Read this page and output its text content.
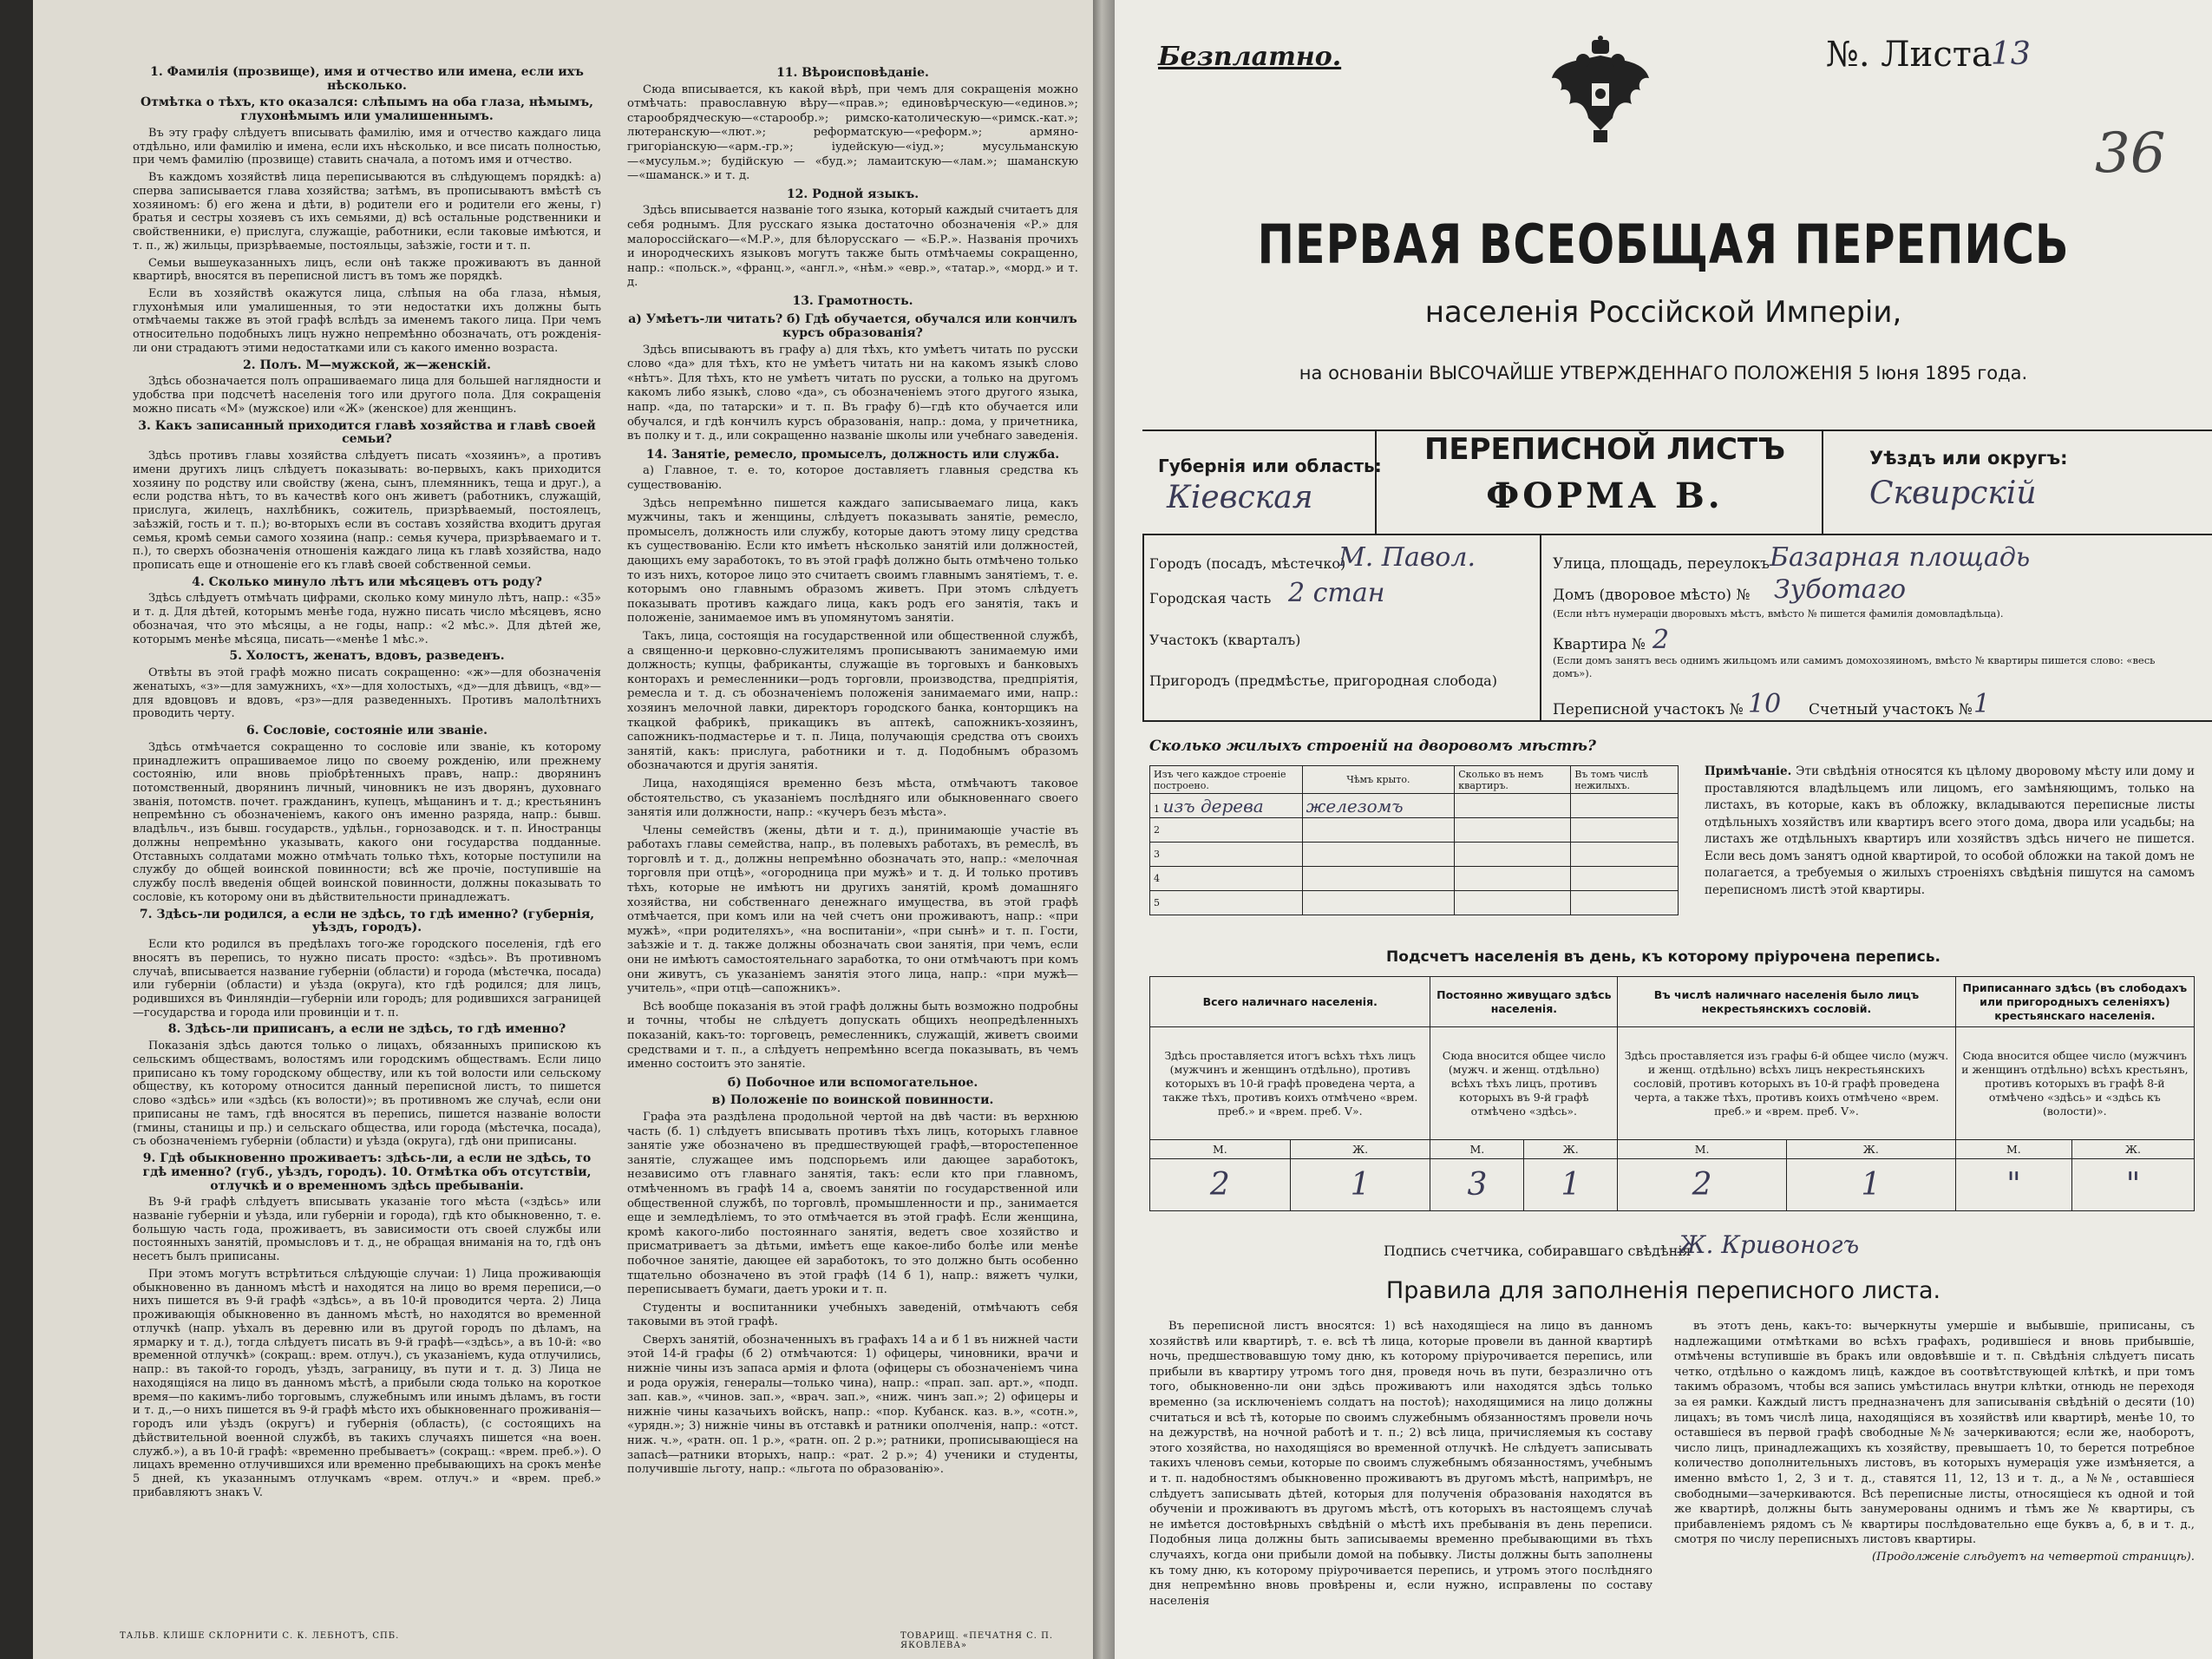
1. Фамилія (прозвище), имя и отчество или имена, если ихъ нѣсколько.
Отмѣтка о тѣхъ, кто оказался: слѣпымъ на оба глаза, нѣмымъ, глухонѣмымъ или умалишеннымъ.

Въ эту графу слѣдуетъ вписывать фамилію, имя и отчество каждаго лица отдѣльно, или фамилію и имена, если ихъ нѣсколько, и все писать полностью, при чемъ фамилію (прозвище) ставить сначала, а потомъ имя и отчество.

Въ каждомъ хозяйствѣ лица переписываются въ слѣдующемъ порядкѣ: а) сперва записывается глава хозяйства; затѣмъ, въ прописываютъ вмѣстѣ съ хозяиномъ: б) его жена и дѣти, в) родители его и родители его жены, г) братья и сестры хозяевъ съ ихъ семьями, д) всѣ остальные родственники и свойственники, е) прислуга, служащіе, работники, если таковые имѣются, и т. п., ж) жильцы, призрѣваемые, постояльцы, заѣзжіе, гости и т. п.

Семьи вышеуказанныхъ лицъ, если онѣ также проживаютъ въ данной квартирѣ, вносятся въ переписной листъ въ томъ же порядкѣ.

Если въ хозяйствѣ окажутся лица, слѣпыя на оба глаза, нѣмыя, глухонѣмыя или умалишенныя, то эти недостатки ихъ должны быть отмѣчаемы также въ этой графѣ вслѣдъ за именемъ такого лица. При чемъ относительно подобныхъ лицъ нужно непремѣнно обозначать, отъ рожденія-ли они страдаютъ этими недостатками или съ какого именно возраста.

2. Полъ. М—мужской, ж—женскій.

Здѣсь обозначается полъ опрашиваемаго лица для большей наглядности и удобства при подсчетѣ населенія того или другого пола. Для сокращенія можно писать «М» (мужское) или «Ж» (женское) для женщинъ.

3. Какъ записанный приходится главѣ хозяйства и главѣ своей семьи?

Здѣсь противъ главы хозяйства слѣдуетъ писать «хозяинъ», а противъ имени другихъ лицъ слѣдуетъ показывать: во-первыхъ, какъ приходится хозяину по родству или свойству (жена, сынъ, племянникъ, теща и друг.), а если родства нѣтъ, то въ качествѣ кого онъ живетъ (работникъ, служащій, прислуга, жилецъ, нахлѣбникъ, сожитель, призрѣваемый, постоялецъ, заѣзжій, гость и т. п.); во-вторыхъ если въ составъ хозяйства входитъ другая семья, кромѣ семьи самого хозяина (напр.: семья кучера, призрѣваемаго и т. п.), то сверхъ обозначенія отношенія каждаго лица къ главѣ хозяйства, надо прописать еще и отношеніе его къ главѣ своей собственной семьи.

4. Сколько минуло лѣтъ или мѣсяцевъ отъ роду?

Здѣсь слѣдуетъ отмѣчать цифрами, сколько кому минуло лѣтъ, напр.: «35» и т. д. Для дѣтей, которымъ менѣе года, нужно писать число мѣсяцевъ, ясно обозначая, что это мѣсяцы, а не годы, напр.: «2 мѣс.». Для дѣтей же, которымъ менѣе мѣсяца, писать—«менѣе 1 мѣс.».

5. Холостъ, женатъ, вдовъ, разведенъ.

Отвѣты въ этой графѣ можно писать сокращенно: «ж»—для обозначенія женатыхъ, «з»—для замужнихъ, «х»—для холостыхъ, «д»—для дѣвицъ, «вд»—для вдовцовъ и вдовъ, «рз»—для разведенныхъ. Противъ малолѣтнихъ проводить черту.

6. Сословіе, состояніе или званіе.

Здѣсь отмѣчается сокращенно то сословіе или званіе, къ которому принадлежитъ опрашиваемое лицо по своему рожденію, или прежнему состоянію, или вновь пріобрѣтенныхъ правъ, напр.: дворянинъ потомственный, дворянинъ личный, чиновникъ не изъ дворянъ, духовнаго званія, потомств. почет. гражданинъ, купецъ, мѣщанинъ и т. д.; крестьянинъ непремѣнно съ обозначеніемъ, какого онъ именно разряда, напр.: бывш. владѣльч., изъ бывш. государств., удѣльн., горнозаводск. и т. п. Иностранцы должны непремѣнно указывать, какого они государства подданные. Отставныхъ солдатами можно отмѣчать только тѣхъ, которые поступили на службу до общей воинской повинности; всѣ же прочіе, поступившіе на службу послѣ введенія общей воинской повинности, должны показывать то сословіе, къ которому они въ дѣйствительности принадлежатъ.

7. Здѣсь-ли родился, а если не здѣсь, то гдѣ именно? (губернія, уѣздъ, городъ).

Если кто родился въ предѣлахъ того-же городского поселенія, гдѣ его вносятъ въ перепись, то нужно писать просто: «здѣсь». Въ противномъ случаѣ, вписывается название губерніи (области) и города (мѣстечка, посада) или губерніи (области) и уѣзда (округа), кто гдѣ родился; для лицъ, родившихся въ Финляндіи—губерніи или городъ; для родившихся заграницей—государства и города или провинціи и т. п.

8. Здѣсь-ли приписанъ, а если не здѣсь, то гдѣ именно?

Показанія здѣсь даются только о лицахъ, обязанныхъ припискою къ сельскимъ обществамъ, волостямъ или городскимъ обществамъ. Если лицо приписано къ тому городскому обществу, или къ той волости или сельскому обществу, къ которому относится данный переписной листъ, то пишется слово «здѣсь» или «здѣсь (къ волости)»; въ противномъ же случаѣ, если они приписаны не тамъ, гдѣ вносятся въ перепись, пишется названіе волости (гмины, станицы и пр.) и сельскаго общества, или города (мѣстечка, посада), съ обозначеніемъ губерніи (области) и уѣзда (округа), гдѣ они приписаны.

9. Гдѣ обыкновенно проживаетъ: здѣсь-ли, а если не здѣсь, то гдѣ именно? (губ., уѣздъ, городъ). 10. Отмѣтка объ отсутствіи, отлучкѣ и о временномъ здѣсь пребываніи.

Въ 9-й графѣ слѣдуетъ вписывать указаніе того мѣста («здѣсь» или названіе губерніи и уѣзда, или губерніи и города), гдѣ кто обыкновенно, т. е. большую часть года, проживаетъ, въ зависимости отъ своей службы или постоянныхъ занятій, промысловъ и т. д., не обращая вниманія на то, гдѣ онъ несетъ былъ приписаны.

При этомъ могутъ встрѣтиться слѣдующіе случаи: 1) Лица проживающія обыкновенно въ данномъ мѣстѣ и находятся на лицо во время переписи,—о нихъ пишется въ 9-й графѣ «здѣсь», а въ 10-й проводится черта. 2) Лица проживающія обыкновенно въ данномъ мѣстѣ, но находятся во временной отлучкѣ (напр. уѣхалъ въ деревню или въ другой городъ по дѣламъ, на ярмарку и т. д.), тогда слѣдуетъ писать въ 9-й графѣ—«здѣсь», а въ 10-й: «во временной отлучкѣ» (сокращ.: врем. отлуч.), съ указаніемъ, куда отлучились, напр.: въ такой-то городъ, уѣздъ, заграницу, въ пути и т. д. 3) Лица не находящіяся на лицо въ данномъ мѣстѣ, а прибыли сюда только на короткое время—по какимъ-либо торговымъ, служебнымъ или инымъ дѣламъ, въ гости и т. д.,—о нихъ пишется въ 9-й графѣ мѣсто ихъ обыкновеннаго проживанія—городъ или уѣздъ (округъ) и губернія (область), (с состоящихъ на дѣйствительной военной службѣ, въ такихъ случаяхъ пишется «на воен. служб.»), а въ 10-й графѣ: «временно пребываетъ» (сокращ.: «врем. преб.»). О лицахъ временно отлучившихся или временно пребывающихъ на срокъ менѣе 5 дней, къ указаннымъ отлучкамъ «врем. отлуч.» и «врем. преб.» прибавляютъ знакъ V.

11. Вѣроисповѣданіе.

Сюда вписывается, къ какой вѣрѣ, при чемъ для сокращенія можно отмѣчать: православную вѣру—«прав.»; единовѣрческую—«единов.»; старообрядческую—«старообр.»; римско-католическую—«римск.-кат.»; лютеранскую—«лют.»; реформатскую—«реформ.»; армяно-григоріанскую—«арм.-гр.»; іудейскую—«іуд.»; мусульманскую—«мусульм.»; будійскую — «буд.»; ламаитскую—«лам.»; шаманскую—«шаманск.» и т. д.

12. Родной языкъ.

Здѣсь вписывается названіе того языка, который каждый считаетъ для себя роднымъ. Для русскаго языка достаточно обозначенія «Р.» для малороссійскаго—«М.Р.», для бѣлорусскаго — «Б.Р.». Названія прочихъ и инородческихъ языковъ могутъ также быть отмѣчаемы сокращенно, напр.: «польск.», «франц.», «англ.», «нѣм.» «евр.», «татар.», «морд.» и т. д.

13. Грамотность.
а) Умѣетъ-ли читать? б) Гдѣ обучается, обучался или кончилъ курсъ образованія?

Здѣсь вписываютъ въ графу а) для тѣхъ, кто умѣетъ читать по русски слово «да» для тѣхъ, кто не умѣетъ читать ни на какомъ языкѣ слово «нѣтъ». Для тѣхъ, кто не умѣетъ читать по русски, а только на другомъ какомъ либо языкѣ, слово «да», съ обозначеніемъ этого другого языка, напр. «да, по татарски» и т. п. Въ графу б)—гдѣ кто обучается или обучался, и гдѣ кончилъ курсъ образованія, напр.: дома, у причетника, въ полку и т. д., или сокращенно названіе школы или учебнаго заведенія.

14. Занятіе, ремесло, промыселъ, должность или служба.

а) Главное, т. е. то, которое доставляетъ главныя средства къ существованію.

Здѣсь непремѣнно пишется каждаго записываемаго лица, какъ мужчины, такъ и женщины, слѣдуетъ показывать занятіе, ремесло, промыселъ, должность или службу, которые даютъ этому лицу средства къ существованію. Если кто имѣетъ нѣсколько занятій или должностей, дающихъ ему заработокъ, то въ этой графѣ должно быть отмѣчено только то изъ нихъ, которое лицо это считаетъ своимъ главнымъ занятіемъ, т. е. которымъ оно главнымъ образомъ живетъ. При этомъ слѣдуетъ показывать противъ каждаго лица, какъ родъ его занятія, такъ и положеніе, занимаемое имъ въ упомянутомъ занятіи.

Такъ, лица, состоящія на государственной или общественной службѣ, а священно-и церковно-служителямъ прописываютъ занимаемую ими должность; купцы, фабриканты, служащіе въ торговыхъ и банковыхъ конторахъ и ремесленники—родъ торговли, производства, предпріятія, ремесла и т. д. съ обозначеніемъ положенія занимаемаго ими, напр.: хозяинъ мелочной лавки, директоръ городского банка, конторщикъ на ткацкой фабрикѣ, прикащикъ въ аптекѣ, сапожникъ-хозяинъ, сапожникъ-подмастерье и т. п. Лица, получающія средства отъ своихъ занятій, какъ: прислуга, работники и т. д. Подобнымъ образомъ обозначаются и другія занятія.

Лица, находящіяся временно безъ мѣста, отмѣчаютъ таковое обстоятельство, съ указаніемъ послѣдняго или обыкновеннаго своего занятія или должности, напр.: «кучеръ безъ мѣста».

Члены семействъ (жены, дѣти и т. д.), принимающіе участіе въ работахъ главы семейства, напр., въ полевыхъ работахъ, въ ремеслѣ, въ торговлѣ и т. д., должны непремѣнно обозначать это, напр.: «мелочная торговля при отцѣ», «огородница при мужѣ» и т. д. И только противъ тѣхъ, которые не имѣютъ ни другихъ занятій, кромѣ домашняго хозяйства, ни собственнаго денежнаго имущества, въ этой графѣ отмѣчается, при комъ или на чей счетъ они проживаютъ, напр.: «при мужѣ», «при родителяхъ», «на воспитаніи», «при сынѣ» и т. п. Гости, заѣзжіе и т. д. также должны обозначать свои занятія, при чемъ, если они не имѣютъ самостоятельнаго заработка, то они отмѣчаютъ при комъ они живутъ, съ указаніемъ занятія этого лица, напр.: «при мужѣ—учитель», «при отцѣ—сапожникъ».

Всѣ вообще показанія въ этой графѣ должны быть возможно подробны и точны, чтобы не слѣдуетъ допускать общихъ неопредѣленныхъ показаній, какъ-то: торговецъ, ремесленникъ, служащій, живетъ своими средствами и т. п., а слѣдуетъ непремѣнно всегда показывать, въ чемъ именно состоитъ это занятіе.

б) Побочное или вспомогательное.
в) Положеніе по воинской повинности.

Графа эта раздѣлена продольной чертой на двѣ части: въ верхнюю часть (б. 1) слѣдуетъ вписывать противъ тѣхъ лицъ, которыхъ главное занятіе уже обозначено въ предшествующей графѣ,—второстепенное занятіе, служащее имъ подспорьемъ или дающее заработокъ, независимо отъ главнаго занятія, такъ: если кто при главномъ, отмѣченномъ въ графѣ 14 а, своемъ занятіи по государственной или общественной службѣ, по торговлѣ, промышленности и пр., занимается еще и земледѣліемъ, то это отмѣчается въ этой графѣ. Если женщина, кромѣ какого-либо постояннаго занятія, ведетъ свое хозяйство и присматриваетъ за дѣтьми, имѣетъ еще какое-либо болѣе или менѣе побочное занятіе, дающее ей заработокъ, то это должно быть особенно тщательно обозначено въ этой графѣ (14 б 1), напр.: вяжетъ чулки, переписываетъ бумаги, даетъ уроки и т. п.

Студенты и воспитанники учебныхъ заведеній, отмѣчаютъ себя таковыми въ этой графѣ.

Сверхъ занятій, обозначенныхъ въ графахъ 14 а и б 1 въ нижней части этой 14-й графы (б 2) отмѣчаются: 1) офицеры, чиновники, врачи и нижніе чины изъ запаса армія и флота (офицеры съ обозначеніемъ чина и рода оружія, генералы—только чина), напр.: «прап. зап. арт.», «подп. зап. кав.», «чинов. зап.», «врач. зап.», «ниж. чинъ зап.»; 2) офицеры и нижніе чины казачьихъ войскъ, напр.: «пор. Кубанск. каз. в.», «сотн.», «урядн.»; 3) нижніе чины въ отставкѣ и ратники ополченія, напр.: «отст. ниж. ч.», «ратн. оп. 1 р.», «ратн. оп. 2 р.»; ратники, прописывающіеся на запасѣ—ратники вторыхъ, напр.: «рат. 2 р.»; 4) ученики и студенты, получившіе льготу, напр.: «льгота по образованію».

ТАЛЬВ. КЛИШЕ СКЛОРНИТИ С. К. ЛЕБНОТЪ, СПБ.	ТОВАРИЩ. «ПЕЧАТНЯ С. П. ЯКОВЛЕВА»
Безплатно.	№. Листа
13
36
ПЕРВАЯ ВСЕОБЩАЯ ПЕРЕПИСЬ
населенія Россійской Имперіи,
на основаніи ВЫСОЧАЙШЕ УТВЕРЖДЕННАГО ПОЛОЖЕНІЯ 5 Іюня 1895 года.
Губернія или область:
Кіевская
ПЕРЕПИСНОЙ ЛИСТЪ
ФОРМА В.
Уѣздъ или округъ:
Сквирскій
Городъ (посадъ, мѣстечко)
М. Павол.
Городская часть 2 стан
Участокъ (кварталъ)
Пригородъ (предмѣстье, пригородная слобода)
Улица, площадь, переулокъ Базарная площадь
Домъ (дворовое мѣсто) № Зуботаго
(Если нѣтъ нумераціи дворовыхъ мѣстъ, вмѣсто № пишется фамилія домовладѣльца).
Квартира № 2
(Если домъ занятъ весь однимъ жильцомъ или самимъ домохозяиномъ, вмѣсто № квартиры пишется слово: «весь домъ»).
Переписной участокъ № 10 Счетный участокъ № 1
Сколько жилыхъ строеній на дворовомъ мѣстѣ?
Изъ чего каждое строеніе построено.	Чѣмъ крыто.	Сколько въ немъ квартиръ.	Въ томъ числѣ нежилыхъ.
1 изъ дерева	железомъ		
2			
3			
4			
5			
Примѣчаніе. Эти свѣдѣнія относятся къ цѣлому дворовому мѣсту или дому и проставляются владѣльцемъ или лицомъ, его замѣняющимъ, только на листахъ, въ которые, какъ въ обложку, вкладываются переписные листы отдѣльныхъ хозяйствъ или квартиръ всего этого дома, двора или усадьбы; на листахъ же отдѣльныхъ квартиръ или хозяйствъ здѣсь ничего не пишется. Если весь домъ занятъ одной квартирой, то особой обложки на такой домъ не полагается, а требуемыя о жилыхъ строеніяхъ свѣдѣнія пишутся на самомъ переписномъ листѣ этой квартиры.
Подсчетъ населенія въ день, къ которому пріурочена перепись.
Всего наличнаго населенія.		Постоянно живущаго здѣсь населенія.		Въ числѣ наличнаго населенія было лицъ некрестьянскихъ сословій.		Приписаннаго здѣсь (въ слободахъ или пригородныхъ селеніяхъ) крестьянскаго населенія.	
Здѣсь проставляется итогъ всѣхъ тѣхъ лицъ (мужчинъ и женщинъ отдѣльно), противъ которыхъ въ 10-й графѣ проведена черта, а также тѣхъ, противъ коихъ отмѣчено «врем. преб.» и «врем. преб. V».		Сюда вносится общее число (мужч. и женщ. отдѣльно) всѣхъ тѣхъ лицъ, противъ которыхъ въ 9-й графѣ отмѣчено «здѣсь».		Здѣсь проставляется изъ графы 6-й общее число (мужч. и женщ. отдѣльно) всѣхъ лицъ некрестьянскихъ сословій, противъ которыхъ въ 10-й графѣ проведена черта, а также тѣхъ, противъ коихъ отмѣчено «врем. преб.» и «врем. преб. V».		Сюда вносится общее число (мужчинъ и женщинъ отдѣльно) всѣхъ крестьянъ, противъ которыхъ въ графѣ 8-й отмѣчено «здѣсь» и «здѣсь къ (волости)».	
М.	Ж.	М.	Ж.	М.	Ж.	М.	Ж.
2	1	3	1	2	1	"	"
Подпись счетчика, собиравшаго свѣдѣнія
Ж. Кривоногъ
Правила для заполненія переписного листа.

Въ переписной листъ вносятся: 1) всѣ находящіеся на лицо въ данномъ хозяйствѣ или квартирѣ, т. е. всѣ тѣ лица, которые провели въ данной квартирѣ ночь, предшествовавшую тому дню, къ которому пріурочивается перепись, или прибыли въ квартиру утромъ того дня, проведя ночь въ пути, безразлично отъ того, обыкновенно-ли они здѣсь проживаютъ или находятся здѣсь только временно (за исключеніемъ солдатъ на постоѣ); находящимися на лицо должны считаться и всѣ тѣ, которые по своимъ служебнымъ обязанностямъ провели ночь на дежурствѣ, на ночной работѣ и т. п.; 2) всѣ лица, причисляемыя къ составу этого хозяйства, но находящіяся во временной отлучкѣ. Не слѣдуетъ записывать такихъ членовъ семьи, которые по своимъ служебнымъ обязанностямъ, учебнымъ и т. п. надобностямъ обыкновенно проживаютъ въ другомъ мѣстѣ, напримѣръ, не слѣдуетъ записывать дѣтей, которыя для полученія образованія находятся въ обученіи и проживаютъ въ другомъ мѣстѣ, отъ которыхъ въ настоящемъ случаѣ не имѣется достовѣрныхъ свѣдѣній о мѣстѣ ихъ пребыванія въ день переписи. Подобныя лица должны быть записываемы временно пребывающими въ тѣхъ случаяхъ, когда они прибыли домой на побывку. Листы должны быть заполнены къ тому дню, къ которому пріурочивается перепись, и утромъ этого послѣдняго дня непремѣнно вновь провѣрены и, если нужно, исправлены по составу населенія

въ этотъ день, какъ-то: вычеркнуты умершіе и выбывшіе, приписаны, съ надлежащими отмѣтками во всѣхъ графахъ, родившіеся и вновь прибывшіе, отмѣчены вступившіе въ бракъ или овдовѣвшіе и т. п. Свѣдѣнія слѣдуетъ писать четко, отдѣльно о каждомъ лицѣ, каждое въ соотвѣтствующей клѣткѣ, и при томъ такимъ образомъ, чтобы вся запись умѣстилась внутри клѣтки, отнюдь не переходя за ея рамки. Каждый листъ предназначенъ для записыванія свѣдѣній о десяти (10) лицахъ; въ томъ числѣ лица, находящіяся въ хозяйствѣ или квартирѣ, менѣе 10, то оставшіеся въ первой графѣ свободные №№ зачеркиваются; если же, наоборотъ, число лицъ, принадлежащихъ къ хозяйству, превышаетъ 10, то берется потребное количество дополнительныхъ листовъ, въ которыхъ нумерація уже измѣняется, а именно вмѣсто 1, 2, 3 и т. д., ставятся 11, 12, 13 и т. д., а №№, оставшіеся свободными—зачеркиваются. Всѣ переписные листы, относящіеся къ одной и той же квартирѣ, должны быть занумерованы однимъ и тѣмъ же № квартиры, съ прибавленіемъ рядомъ съ № квартиры послѣдовательно еще буквъ а, б, в и т. д., смотря по числу переписныхъ листовъ квартиры.

(Продолженіе слѣдуетъ на четвертой страницѣ).
